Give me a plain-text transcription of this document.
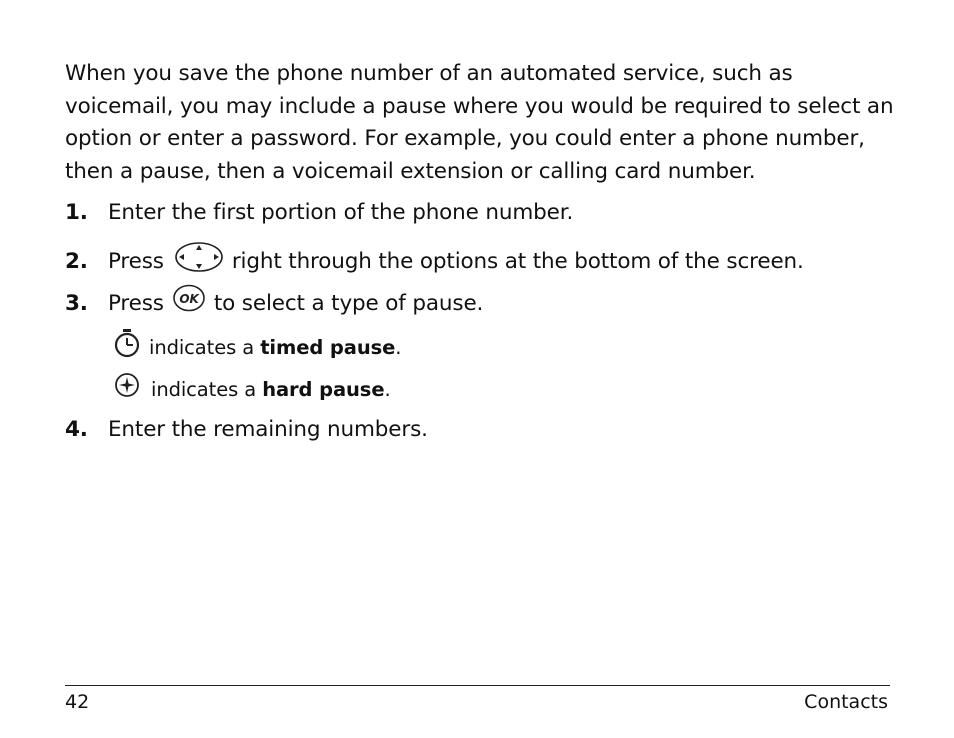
When you save the phone number of an automated service, such as voicemail, you may include a pause where you would be required to select an option or enter a password. For example, you could enter a phone number, then a pause, then a voicemail extension or calling card number.
1. Enter the first portion of the phone number.
2. Press	right through the options at the bottom of the screen.
3. Press OK to select a type of pause.
indicates a
timed pause .
indicates a
hard pause .
4. Enter the remaining numbers.
42	Contacts
